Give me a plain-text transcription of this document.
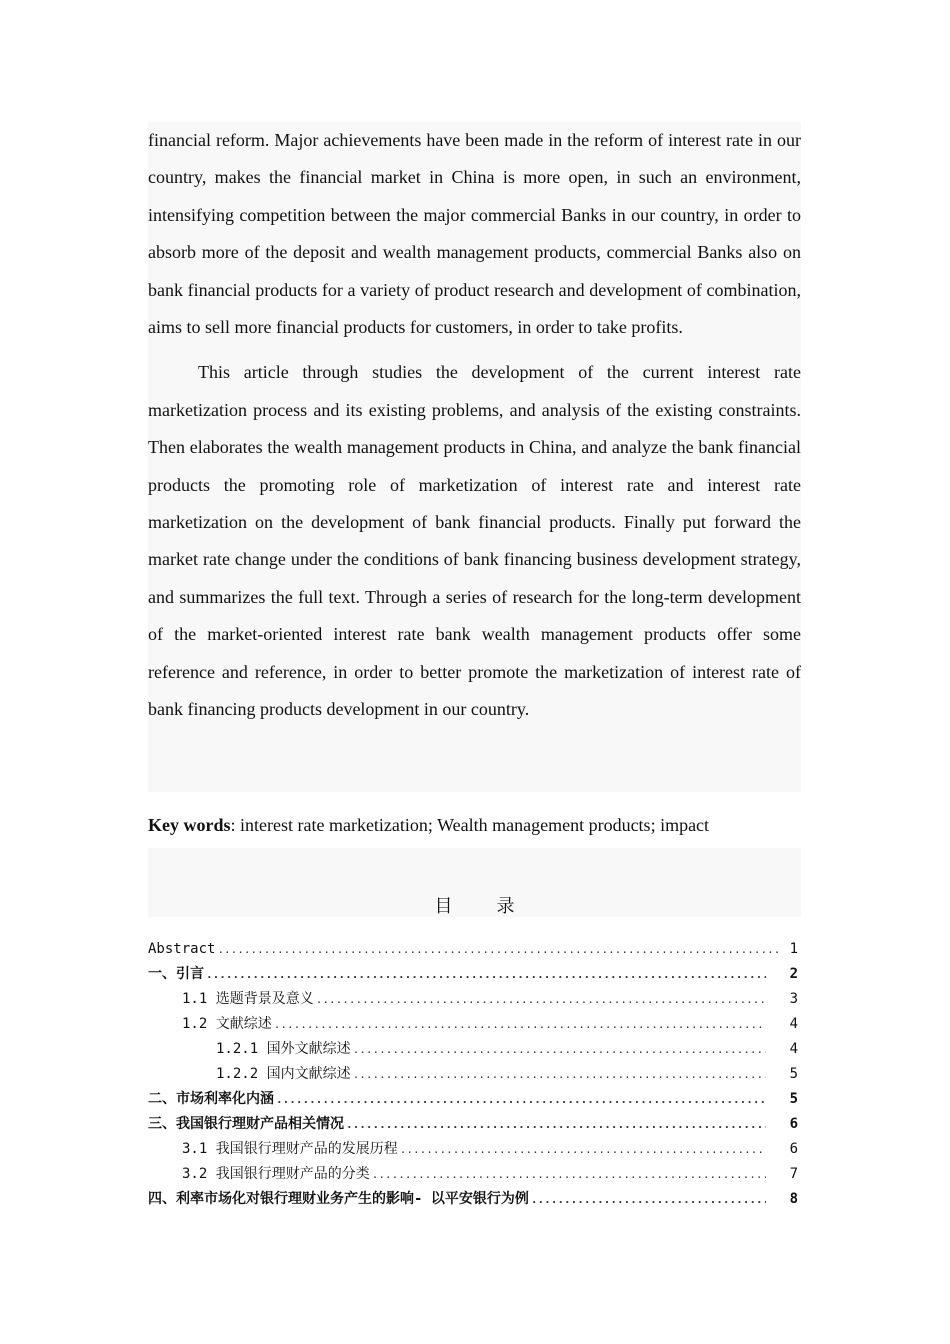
financial reform. Major achievements have been made in the reform of interest rate in our country, makes the financial market in China is more open, in such an environment, intensifying competition between the major commercial Banks in our country, in order to absorb more of the deposit and wealth management products, commercial Banks also on bank financial products for a variety of product research and development of combination, aims to sell more financial products for customers, in order to take profits.

This article through studies the development of the current interest rate marketization process and its existing problems, and analysis of the existing constraints. Then elaborates the wealth management products in China, and analyze the bank financial products the promoting role of marketization of interest rate and interest rate marketization on the development of bank financial products. Finally put forward the market rate change under the conditions of bank financing business development strategy, and summarizes the full text. Through a series of research for the long-term development of the market-oriented interest rate bank wealth management products offer some reference and reference, in order to better promote the marketization of interest rate of bank financing products development in our country.

Key words: interest rate marketization; Wealth management products; impact
目 录
Abstract .....	1
一、引言 .....	2
1.1 选题背景及意义 .....	3
1.2 文献综述 .....	4
1.2.1 国外文献综述 .....	4
1.2.2 国内文献综述 .....	5
二、市场利率化内涵 .....	5
三、我国银行理财产品相关情况 .....	6
3.1 我国银行理财产品的发展历程 .....	6
3.2 我国银行理财产品的分类 .....	7
四、利率市场化对银行理财业务产生的影响- 以平安银行为例 .....	8
